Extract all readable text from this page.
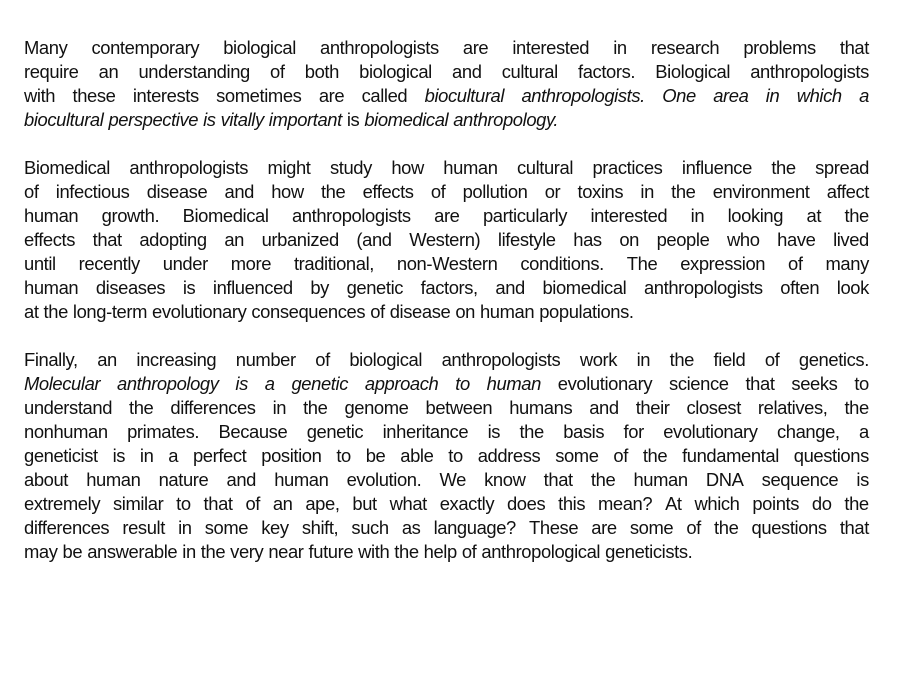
Many contemporary biological anthropologists are interested in research problems that
require an understanding of both biological and cultural factors. Biological anthropologists
with these interests sometimes are called biocultural anthropologists. One area in which a
biocultural perspective is vitally important is biomedical anthropology.
Biomedical anthropologists might study how human cultural practices influence the spread
of infectious disease and how the effects of pollution or toxins in the environment affect
human growth. Biomedical anthropologists are particularly interested in looking at the
effects that adopting an urbanized (and Western) lifestyle has on people who have lived
until recently under more traditional, non-Western conditions. The expression of many
human diseases is influenced by genetic factors, and biomedical anthropologists often look
at the long-term evolutionary consequences of disease on human populations.
Finally, an increasing number of biological anthropologists work in the field of genetics.
Molecular anthropology is a genetic approach to human evolutionary science that seeks to
understand the differences in the genome between humans and their closest relatives, the
nonhuman primates. Because genetic inheritance is the basis for evolutionary change, a
geneticist is in a perfect position to be able to address some of the fundamental questions
about human nature and human evolution. We know that the human DNA sequence is
extremely similar to that of an ape, but what exactly does this mean? At which points do the
differences result in some key shift, such as language? These are some of the questions that
may be answerable in the very near future with the help of anthropological geneticists.
